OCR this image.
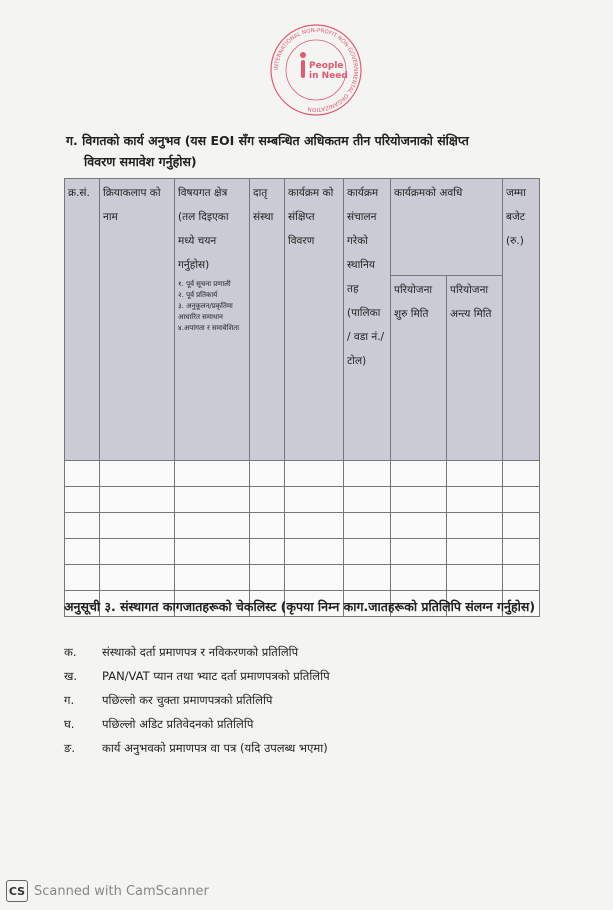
INTERNATIONAL NON-PROFIT NON-GOVERNMENTAL ORGANIZATION
People
in Need
ग. विगतको कार्य अनुभव (यस EOI सँग सम्बन्धित अधिकतम तीन परियोजनाको संक्षिप्त
विवरण समावेश गर्नुहोस)
क्र.सं.	क्रियाकलाप को नाम	विषयगत क्षेत्र (तल दिइएका मध्ये चयन गर्नुहोस)
१. पूर्व सूचना प्रणाली
२. पूर्व प्रतिकार्य
३. अनुकूलन/प्रकृतिमा आधारित समाधान
४.अपांगता र समावेशिता	दातृ संस्था	कार्यक्रम को संक्षिप्त विवरण	कार्यक्रम संचालन गरेको स्थानिय तह (पालिका / वडा नं./टोल)	कार्यक्रमको अवधि		जम्मा बजेट (रु.)
						परियोजना शुरु मिति	परियोजना अन्त्य मिति	

अनुसूची ३. संस्थागत कागजातहरूको चेकलिस्ट (कृपया निम्न काग.जातहरूको प्रतिलिपि संलग्न गर्नुहोस)
क.	संस्थाको दर्ता प्रमाणपत्र र नविकरणको प्रतिलिपि
ख.	PAN/VAT प्यान तथा भ्याट दर्ता प्रमाणपत्रको प्रतिलिपि
ग.	पछिल्लो कर चुक्ता प्रमाणपत्रको प्रतिलिपि
घ.	पछिल्लो अडिट प्रतिवेदनको प्रतिलिपि
ङ.	कार्य अनुभवको प्रमाणपत्र वा पत्र (यदि उपलब्ध भएमा)
CS Scanned with CamScanner
